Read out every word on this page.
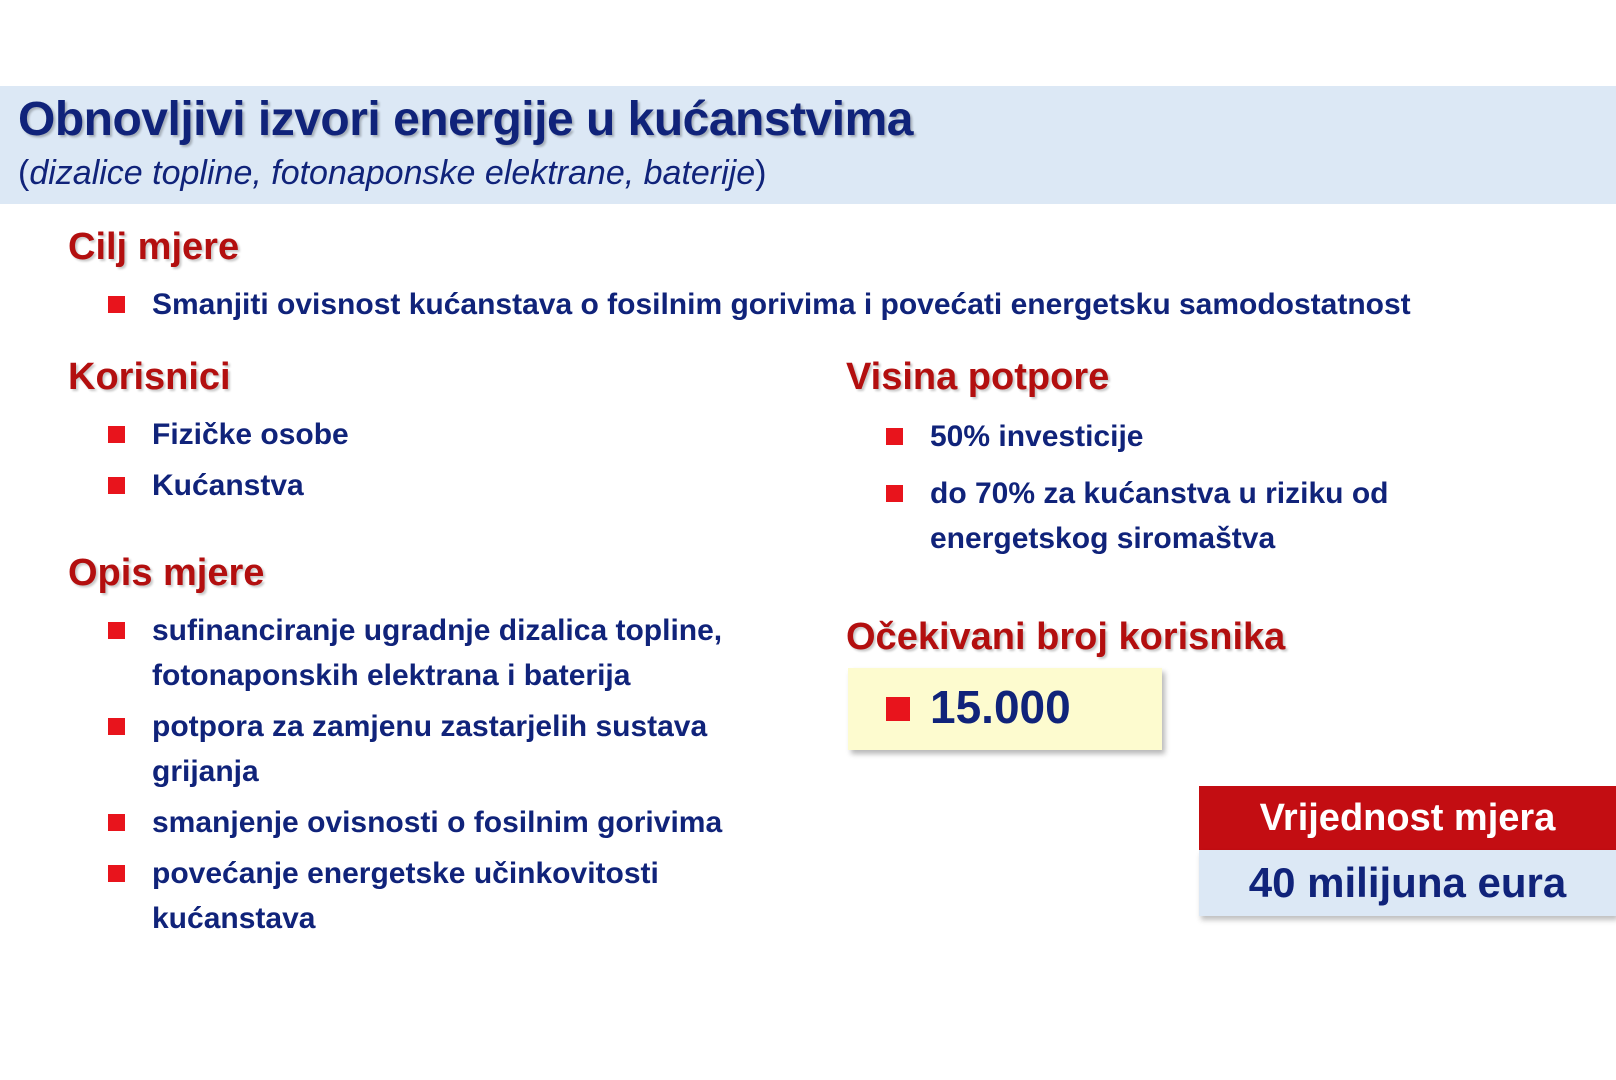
Obnovljivi izvori energije u kućanstvima
(dizalice topline, fotonaponske elektrane, baterije)
Cilj mjere
Smanjiti ovisnost kućanstava o fosilnim gorivima i povećati energetsku samodostatnost
Korisnici
Fizičke osobe
Kućanstva
Opis mjere
sufinanciranje ugradnje dizalica topline, fotonaponskih elektrana i baterija
potpora za zamjenu zastarjelih sustava grijanja
smanjenje ovisnosti o fosilnim gorivima
povećanje energetske učinkovitosti kućanstava
Visina potpore
50% investicije
do 70% za kućanstva u riziku od energetskog siromaštva
Očekivani broj korisnika
15.000
Vrijednost mjera
40 milijuna eura
